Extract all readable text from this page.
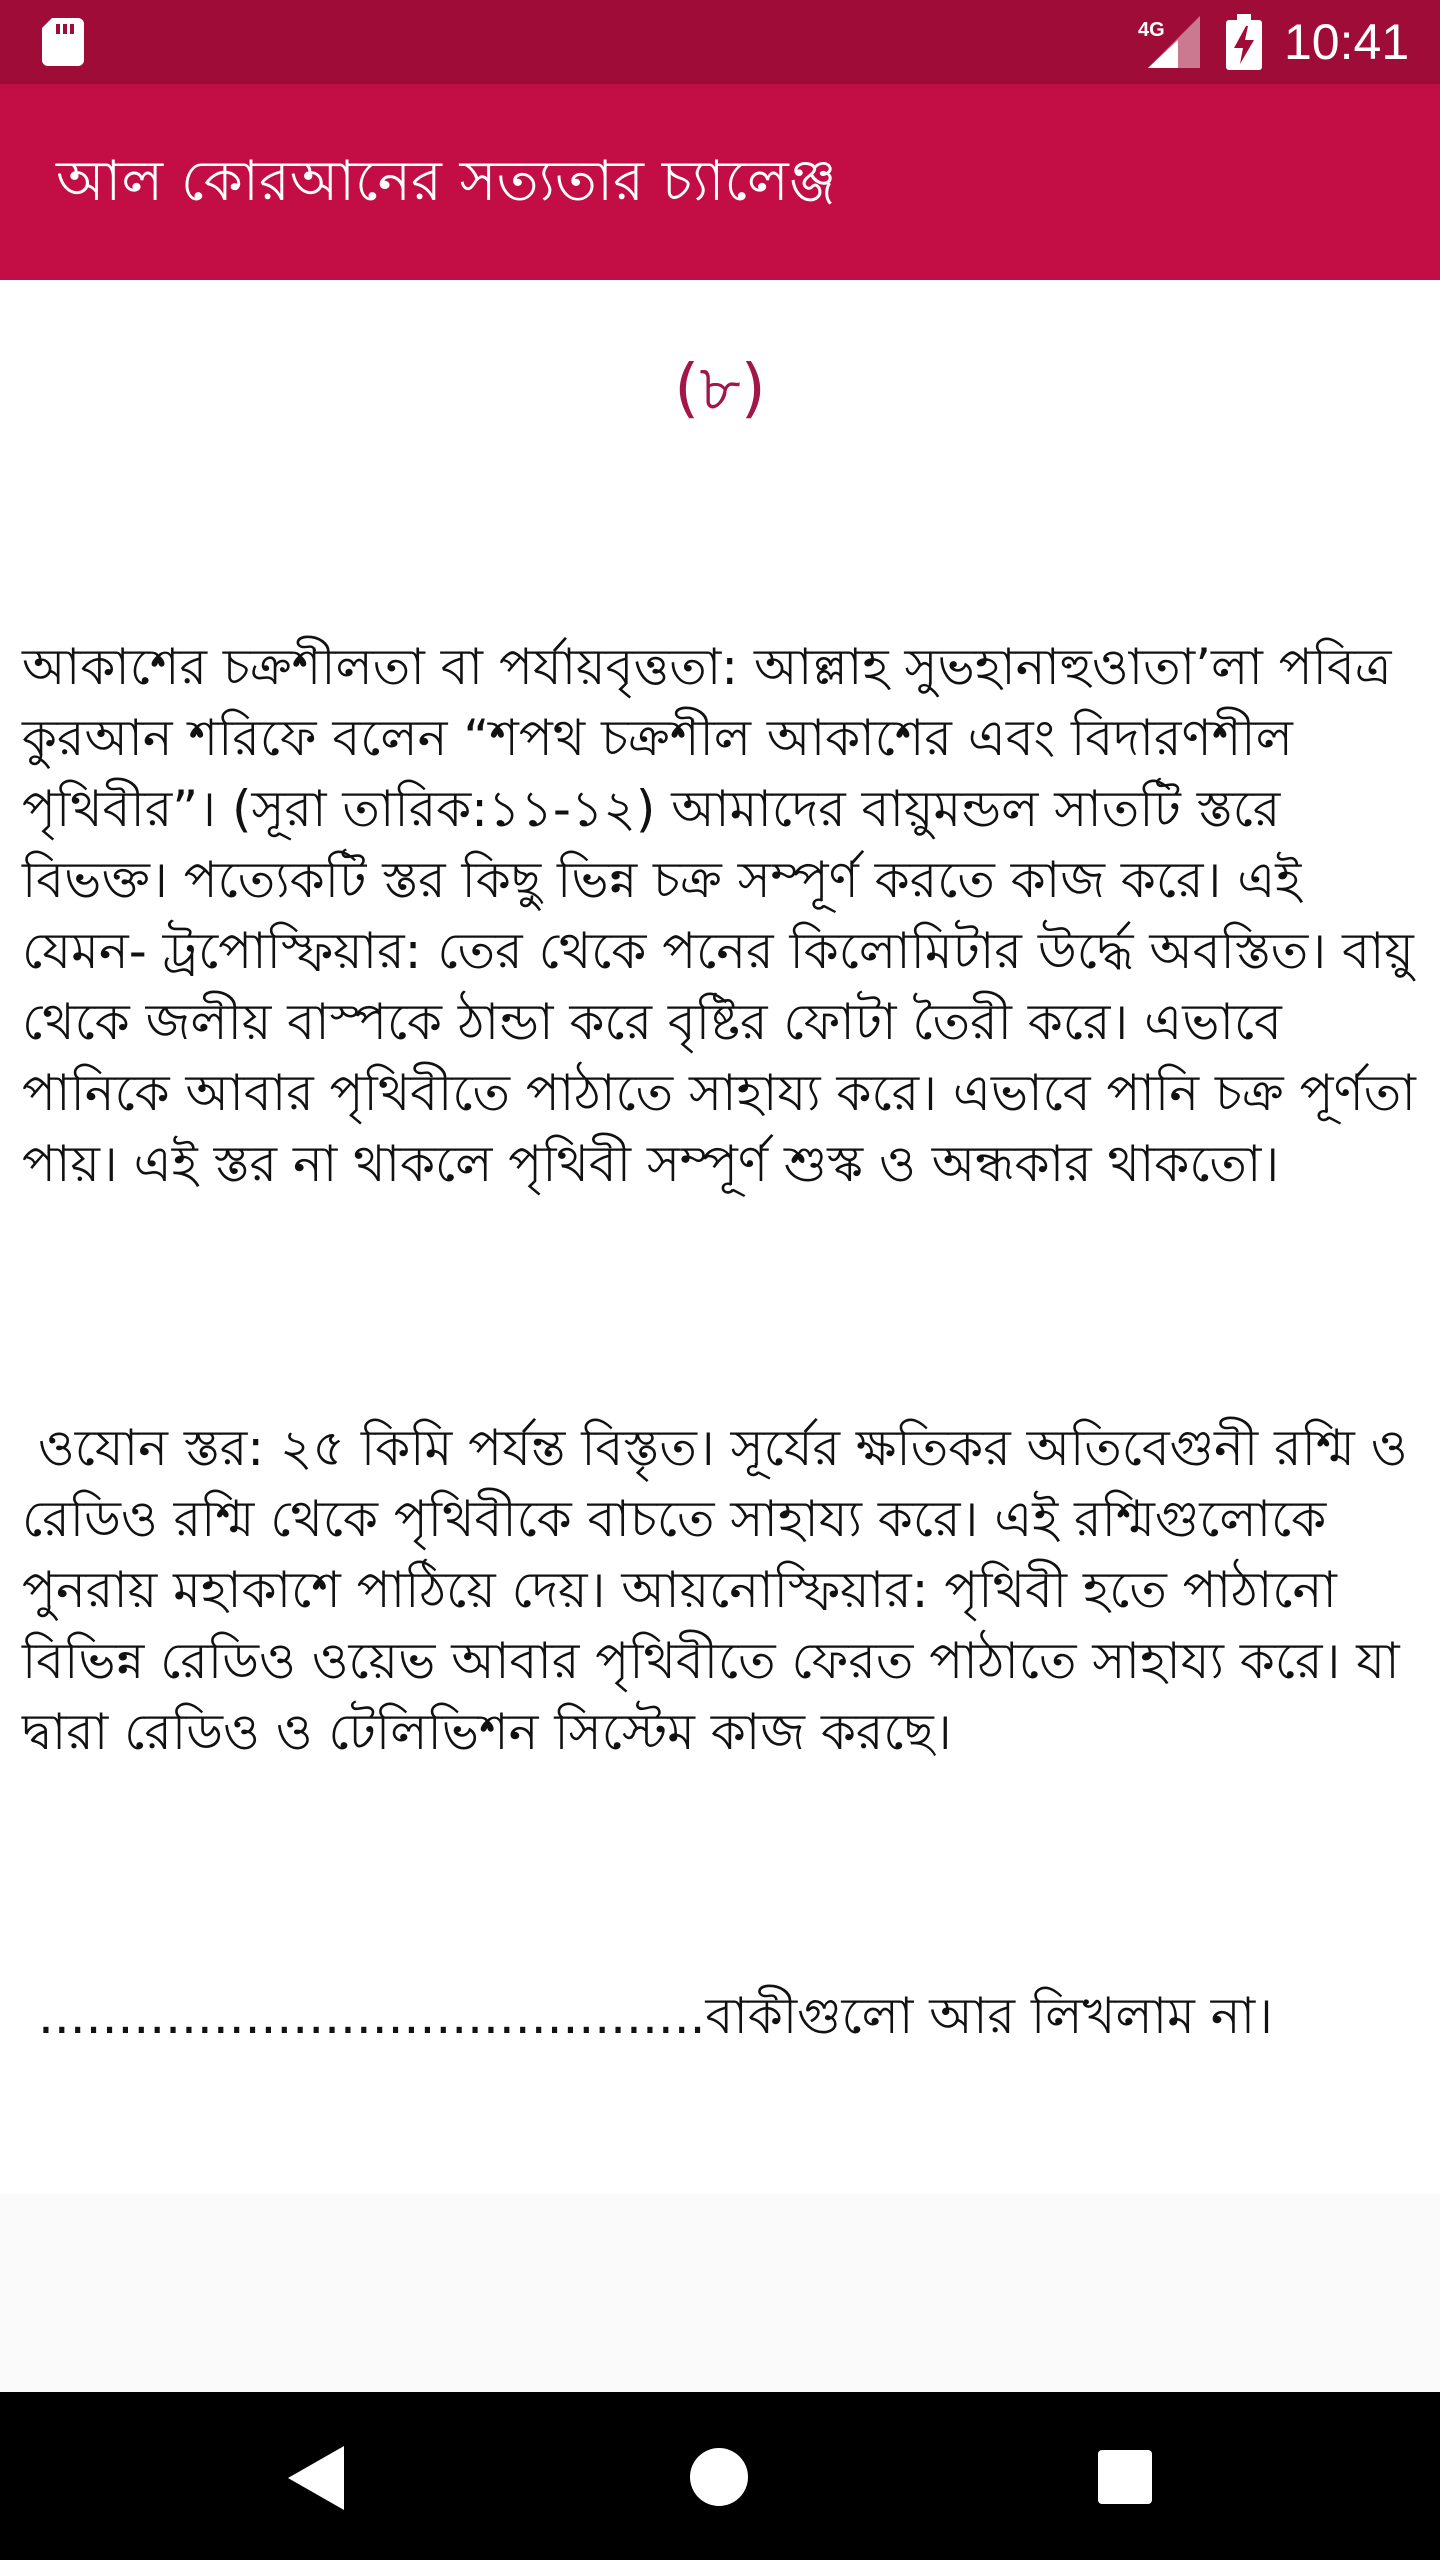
4G 10:41
আল কোরআনের সত্যতার চ্যালেঞ্জ
(৮)

আকাশের চক্রশীলতা বা পর্যায়বৃত্ততা: আল্লাহ সুভহানাহুওাতা’লা পবিত্র কুরআন শরিফে বলেন “শপথ চক্রশীল আকাশের এবং বিদারণশীল পৃথিবীর”। (সূরা তারিক:১১-১২) আমাদের বায়ুমন্ডল সাতটি স্তরে বিভক্ত। পত্যেকটি স্তর কিছু ভিন্ন চক্র সম্পূর্ণ করতে কাজ করে। এই যেমন- ট্রপোস্ফিয়ার: তের থেকে পনের কিলোমিটার উর্দ্ধে অবস্তিত। বায়ু থেকে জলীয় বাস্পকে ঠান্ডা করে বৃষ্টির ফোটা তৈরী করে। এভাবে পানিকে আবার পৃথিবীতে পাঠাতে সাহায্য করে। এভাবে পানি চক্র পূর্ণতা পায়। এই স্তর না থাকলে পৃথিবী সম্পূর্ণ শুস্ক ও অন্ধকার থাকতো।

ওযোন স্তর: ২৫ কিমি পর্যন্ত বিস্তৃত। সূর্যের ক্ষতিকর অতিবেগুনী রশ্মি ও রেডিও রশ্মি থেকে পৃথিবীকে বাচতে সাহায্য করে। এই রশ্মিগুলোকে পুনরায় মহাকাশে পাঠিয়ে দেয়। আয়নোস্ফিয়ার: পৃথিবী হতে পাঠানো বিভিন্ন রেডিও ওয়েভ আবার পৃথিবীতে ফেরত পাঠাতে সাহায্য করে। যা দ্বারা রেডিও ও টেলিভিশন সিস্টেম কাজ করছে।

..........................................বাকীগুলো আর লিখলাম না।
